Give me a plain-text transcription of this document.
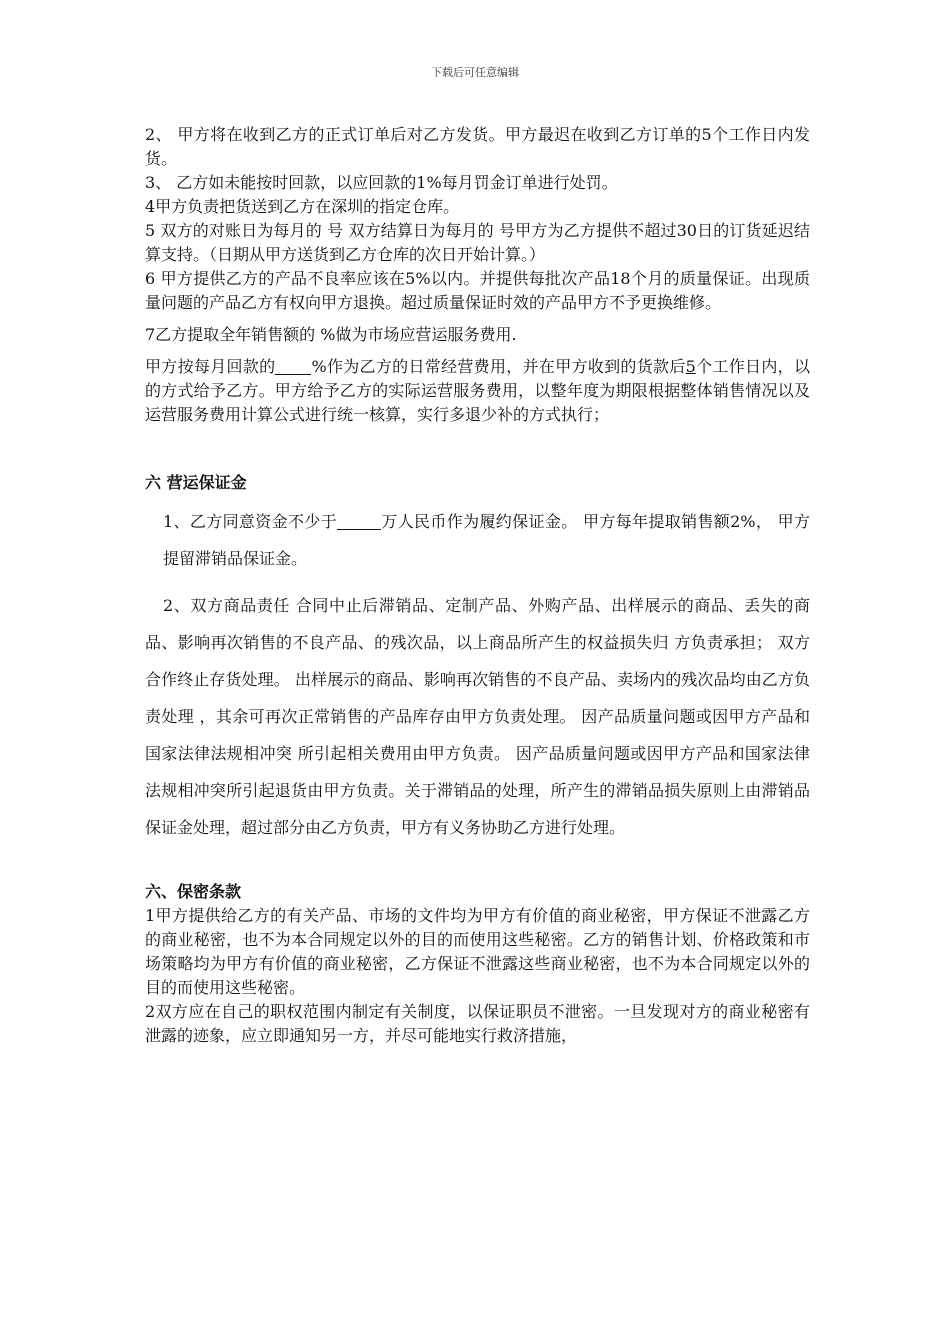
下载后可任意编辑

2、 甲方将在收到乙方的正式订单后对乙方发货。甲方最迟在收到乙方订单的5个工作日内发货。

3、 乙方如未能按时回款，以应回款的1%每月罚金订单进行处罚。

4甲方负责把货送到乙方在深圳的指定仓库。

5 双方的对账日为每月的 号 双方结算日为每月的 号甲方为乙方提供不超过30日的订货延迟结算支持。（日期从甲方送货到乙方仓库的次日开始计算。）

6 甲方提供乙方的产品不良率应该在5%以内。并提供每批次产品18个月的质量保证。出现质量问题的产品乙方有权向甲方退换。超过质量保证时效的产品甲方不予更换维修。

7乙方提取全年销售额的 %做为市场应营运服务费用.

甲方按每月回款的 %作为乙方的日常经营费用，并在甲方收到的货款后5个工作日内，以 的方式给予乙方。甲方给予乙方的实际运营服务费用，以整年度为期限根据整体销售情况以及运营服务费用计算公式进行统一核算，实行多退少补的方式执行；

六 营运保证金

1、乙方同意资金不少于	万人民币作为履约保证金。 甲方每年提取销售额2%， 甲方提留滞销品保证金。

2、双方商品责任 合同中止后滞销品、定制产品、外购产品、出样展示的商品、丢失的商品、影响再次销售的不良产品、的残次品，以上商品所产生的权益损失归 方负责承担； 双方合作终止存货处理。 出样展示的商品、影响再次销售的不良产品、卖场内的残次品均由乙方负责处理 ，其余可再次正常销售的产品库存由甲方负责处理。 因产品质量问题或因甲方产品和国家法律法规相冲突 所引起相关费用由甲方负责。 因产品质量问题或因甲方产品和国家法律法规相冲突所引起退货由甲方负责。关于滞销品的处理，所产生的滞销品损失原则上由滞销品保证金处理，超过部分由乙方负责，甲方有义务协助乙方进行处理。

六、保密条款

1甲方提供给乙方的有关产品、市场的文件均为甲方有价值的商业秘密，甲方保证不泄露乙方的商业秘密，也不为本合同规定以外的目的而使用这些秘密。乙方的销售计划、价格政策和市场策略均为甲方有价值的商业秘密，乙方保证不泄露这些商业秘密，也不为本合同规定以外的目的而使用这些秘密。

2双方应在自己的职权范围内制定有关制度，以保证职员不泄密。一旦发现对方的商业秘密有泄露的迹象，应立即通知另一方，并尽可能地实行救济措施，
